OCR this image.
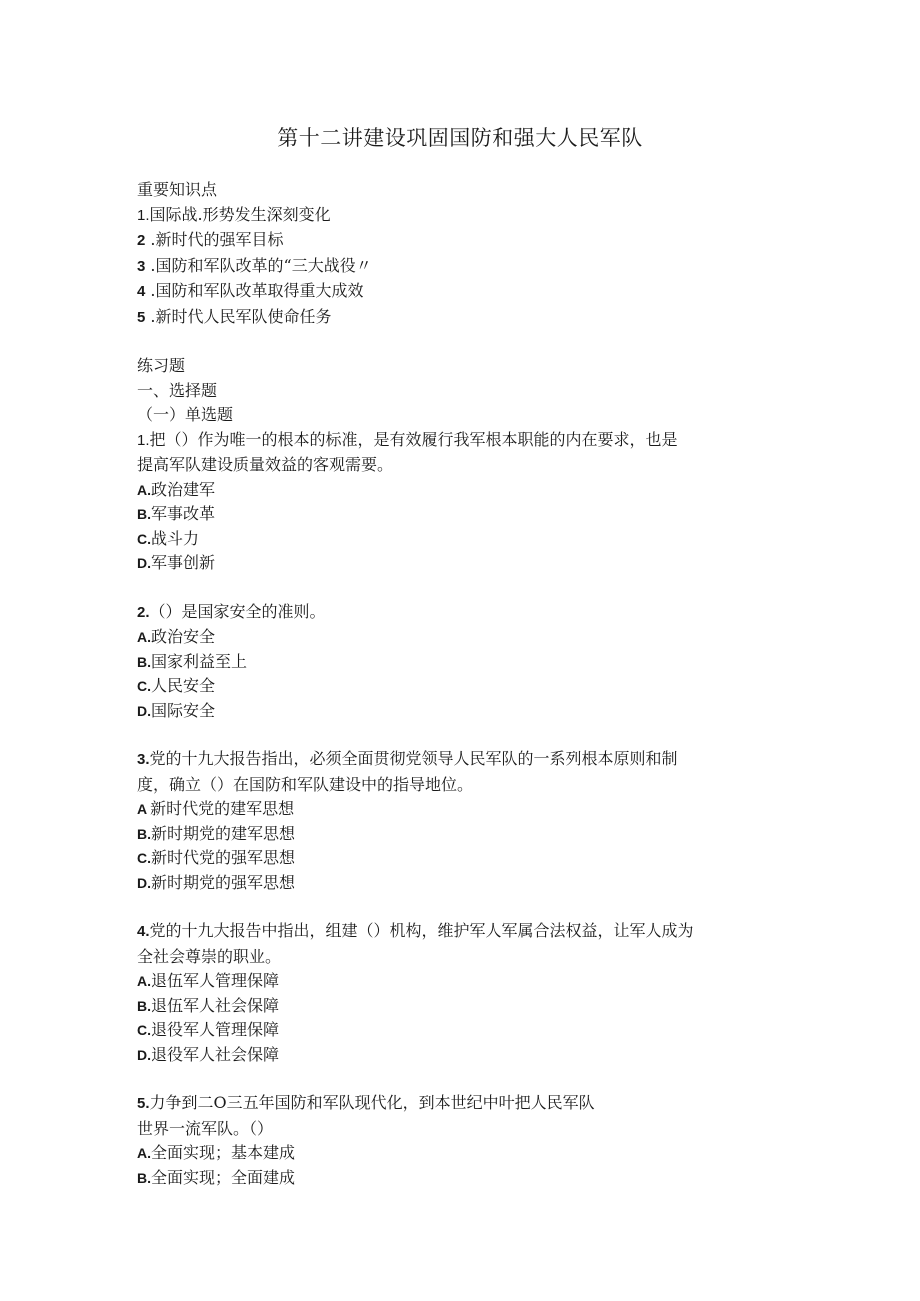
第十二讲建设巩固国防和强大人民军队
重要知识点
1.国际战.形势发生深刻变化
2 .新时代的强军目标
3 .国防和军队改革的“三大战役〃
4 .国防和军队改革取得重大成效
5 .新时代人民军队使命任务
练习题
一、选择题
（一）单选题
1.把（）作为唯一的根本的标准，是有效履行我军根本职能的内在要求，也是
提高军队建设质量效益的客观需要。
A.政治建军
B.军事改革
C.战斗力
D.军事创新
2.（）是国家安全的准则。
A.政治安全
B.国家利益至上
C.人民安全
D.国际安全
3.党的十九大报告指出，必须全面贯彻党领导人民军队的一系列根本原则和制
度，确立（）在国防和军队建设中的指导地位。
A 新时代党的建军思想
B.新时期党的建军思想
C.新时代党的强军思想
D.新时期党的强军思想
4.党的十九大报告中指出，组建（）机构，维护军人军属合法权益，让军人成为
全社会尊崇的职业。
A.退伍军人管理保障
B.退伍军人社会保障
C.退役军人管理保障
D.退役军人社会保障
5.力争到二O三五年国防和军队现代化，到本世纪中叶把人民军队
世界一流军队。（）
A.全面实现；基本建成
B.全面实现；全面建成
